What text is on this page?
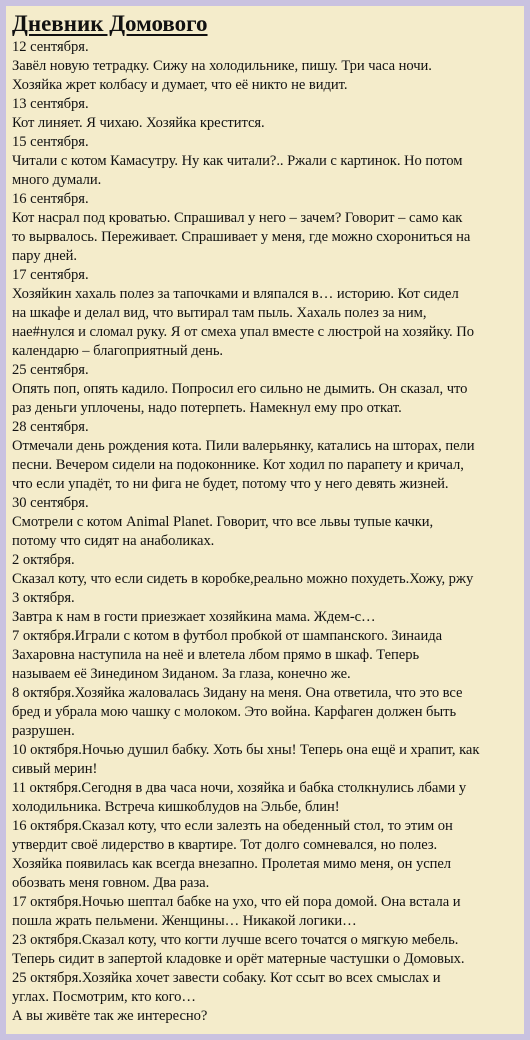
Дневник Домового
12 сентября.
Завёл новую тетрадку. Сижу на холодильнике, пишу. Три часа ночи.
Хозяйка жрет колбасу и думает, что её никто не видит.
13 сентября.
Кот линяет. Я чихаю. Хозяйка крестится.
15 сентября.
Читали с котом Камасутру. Ну как читали?.. Ржали с картинок. Но потом
много думали.
16 сентября.
Кот насрал под кроватью. Спрашивал у него – зачем? Говорит – само как
то вырвалось. Переживает. Спрашивает у меня, где можно схорониться на
пару дней.
17 сентября.
Хозяйкин хахаль полез за тапочками и вляпался в… историю. Кот сидел
на шкафе и делал вид, что вытирал там пыль. Хахаль полез за ним,
нае#нулся и сломал руку. Я от смеха упал вместе с люстрой на хозяйку. По
календарю – благоприятный день.
25 сентября.
Опять поп, опять кадило. Попросил его сильно не дымить. Он сказал, что
раз деньги уплочены, надо потерпеть. Намекнул ему про откат.
28 сентября.
Отмечали день рождения кота. Пили валерьянку, катались на шторах, пели
песни. Вечером сидели на подоконнике. Кот ходил по парапету и кричал,
что если упадёт, то ни фига не будет, потому что у него девять жизней.
30 сентября.
Смотрели с котом Animal Planet. Говорит, что все львы тупые качки,
потому что сидят на анаболиках.
2 октября.
Сказал коту, что если сидеть в коробке,реально можно похудеть.Хожу, ржу
3 октября.
Завтра к нам в гости приезжает хозяйкина мама. Ждем-с…
7 октября.Играли с котом в футбол пробкой от шампанского. Зинаида
Захаровна наступила на неё и влетела лбом прямо в шкаф. Теперь
называем её Зинедином Зиданом. За глаза, конечно же.
8 октября.Хозяйка жаловалась Зидану на меня. Она ответила, что это все
бред и убрала мою чашку с молоком. Это война. Карфаген должен быть
разрушен.
10 октября.Ночью душил бабку. Хоть бы хны! Теперь она ещё и храпит, как
сивый мерин!
11 октября.Сегодня в два часа ночи, хозяйка и бабка столкнулись лбами у
холодильника. Встреча кишкоблудов на Эльбе, блин!
16 октября.Сказал коту, что если залезть на обеденный стол, то этим он
утвердит своё лидерство в квартире. Тот долго сомневался, но полез.
Хозяйка появилась как всегда внезапно. Пролетая мимо меня, он успел
обозвать меня говном. Два раза.
17 октября.Ночью шептал бабке на ухо, что ей пора домой. Она встала и
пошла жрать пельмени. Женщины… Никакой логики…
23 октября.Сказал коту, что когти лучше всего точатся о мягкую мебель.
Теперь сидит в запертой кладовке и орёт матерные частушки о Домовых.
25 октября.Хозяйка хочет завести собаку. Кот ссыт во всех смыслах и
углах. Посмотрим, кто кого…
А вы живёте так же интересно?
